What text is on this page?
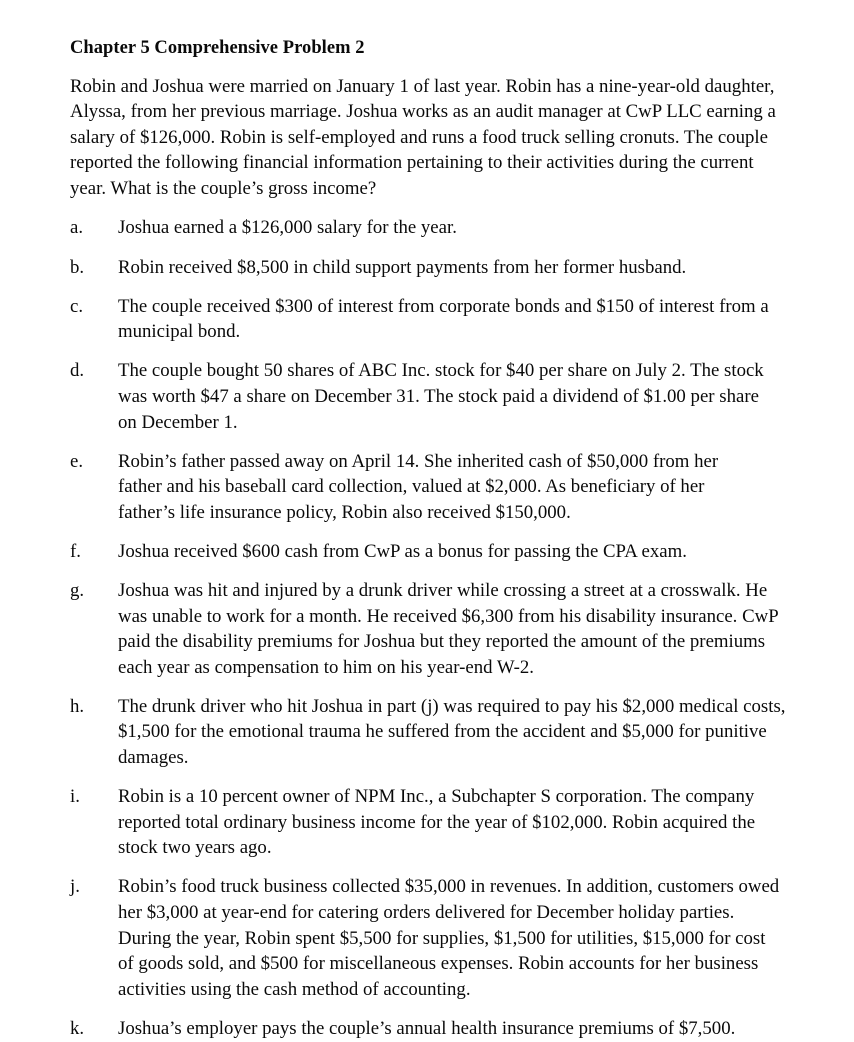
Chapter 5 Comprehensive Problem 2

Robin and Joshua were married on January 1 of last year. Robin has a nine-year-old daughter, Alyssa, from her previous marriage. Joshua works as an audit manager at CwP LLC earning a salary of $126,000. Robin is self-employed and runs a food truck selling cronuts. The couple reported the following financial information pertaining to their activities during the current year. What is the couple’s gross income?

a.	Joshua earned a $126,000 salary for the year.
b.	Robin received $8,500 in child support payments from her former husband.
c.	The couple received $300 of interest from corporate bonds and $150 of interest from a municipal bond.
d.	The couple bought 50 shares of ABC Inc. stock for $40 per share on July 2. The stock was worth $47 a share on December 31. The stock paid a dividend of $1.00 per share on December 1.
e.	Robin’s father passed away on April 14. She inherited cash of $50,000 from her father and his baseball card collection, valued at $2,000. As beneficiary of her father’s life insurance policy, Robin also received $150,000.
f.	Joshua received $600 cash from CwP as a bonus for passing the CPA exam.
g.	Joshua was hit and injured by a drunk driver while crossing a street at a crosswalk. He was unable to work for a month. He received $6,300 from his disability insurance. CwP paid the disability premiums for Joshua but they reported the amount of the premiums each year as compensation to him on his year-end W-2.
h.	The drunk driver who hit Joshua in part (j) was required to pay his $2,000 medical costs, $1,500 for the emotional trauma he suffered from the accident and $5,000 for punitive damages.
i.	Robin is a 10 percent owner of NPM Inc., a Subchapter S corporation. The company reported total ordinary business income for the year of $102,000. Robin acquired the stock two years ago.
j.	Robin’s food truck business collected $35,000 in revenues. In addition, customers owed her $3,000 at year-end for catering orders delivered for December holiday parties. During the year, Robin spent $5,500 for supplies, $1,500 for utilities, $15,000 for cost of goods sold, and $500 for miscellaneous expenses. Robin accounts for her business activities using the cash method of accounting.
k.	Joshua’s employer pays the couple’s annual health insurance premiums of $7,500.
